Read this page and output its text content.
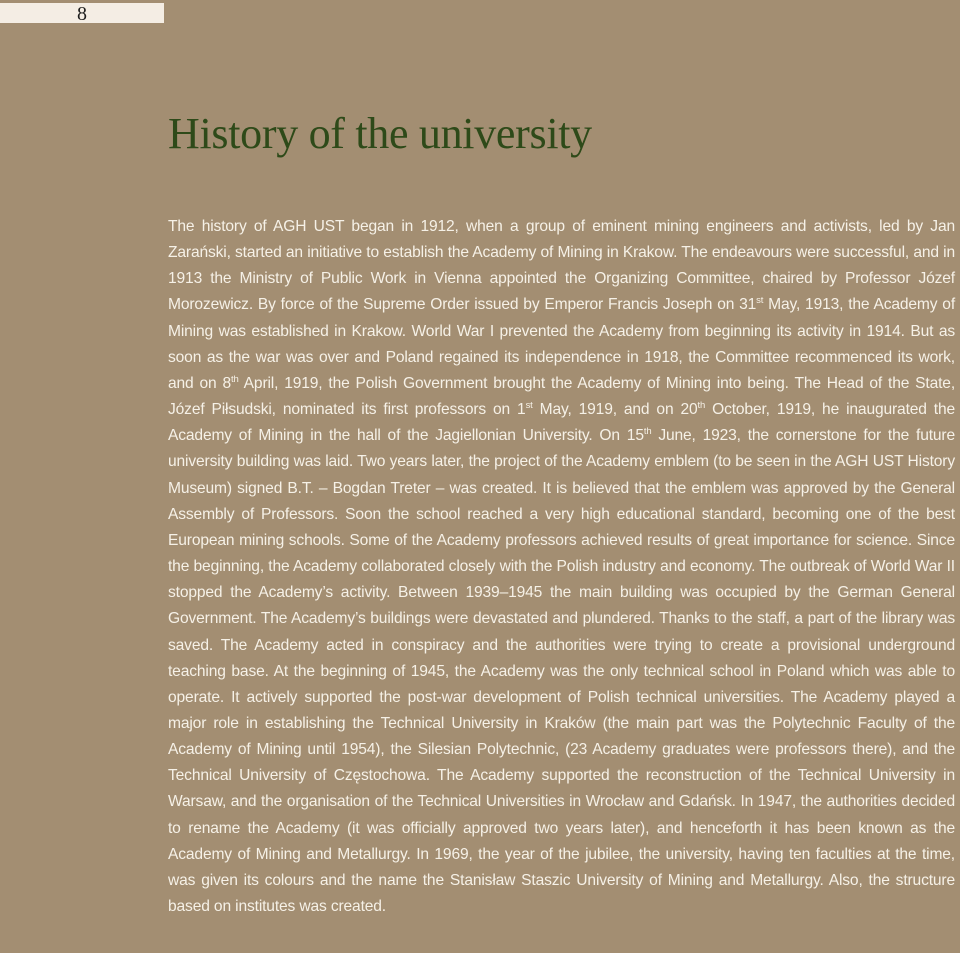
8
History of the university

The history of AGH UST began in 1912, when a group of eminent mining engineers and activists, led by Jan Zarański, started an initiative to establish the Academy of Mining in Krakow. The endeavours were successful, and in 1913 the Ministry of Public Work in Vienna appointed the Organizing Committee, chaired by Professor Józef Morozewicz. By force of the Supreme Order issued by Emperor Francis Joseph on 31st May, 1913, the Academy of Mining was established in Krakow. World War I prevented the Academy from beginning its activity in 1914. But as soon as the war was over and Poland regained its independence in 1918, the Committee recommenced its work, and on 8th April, 1919, the Polish Government brought the Academy of Mining into being. The Head of the State, Józef Piłsudski, nominated its first professors on 1st May, 1919, and on 20th October, 1919, he inaugurated the Academy of Mining in the hall of the Jagiellonian University. On 15th June, 1923, the cornerstone for the future university building was laid. Two years later, the project of the Academy emblem (to be seen in the AGH UST History Museum) signed B.T. – Bogdan Treter – was created. It is believed that the emblem was approved by the General Assembly of Professors. Soon the school reached a very high educational standard, becoming one of the best European mining schools. Some of the Academy professors achieved results of great importance for science. Since the beginning, the Academy collaborated closely with the Polish industry and economy. The outbreak of World War II stopped the Academy’s activity. Between 1939–1945 the main building was occupied by the German General Government. The Academy’s buildings were devastated and plundered. Thanks to the staff, a part of the library was saved. The Academy acted in conspiracy and the authorities were trying to create a provisional underground teaching base. At the beginning of 1945, the Academy was the only technical school in Poland which was able to operate. It actively supported the post-war development of Polish technical universities. The Academy played a major role in establishing the Technical University in Kraków (the main part was the Polytechnic Faculty of the Academy of Mining until 1954), the Silesian Polytechnic, (23 Academy graduates were professors there), and the Technical University of Częstochowa. The Academy supported the reconstruction of the Technical University in Warsaw, and the organisation of the Technical Universities in Wrocław and Gdańsk. In 1947, the authorities decided to rename the Academy (it was officially approved two years later), and henceforth it has been known as the Academy of Mining and Metallurgy. In 1969, the year of the jubilee, the university, having ten faculties at the time, was given its colours and the name the Stanisław Staszic University of Mining and Metallurgy. Also, the structure based on institutes was created.
